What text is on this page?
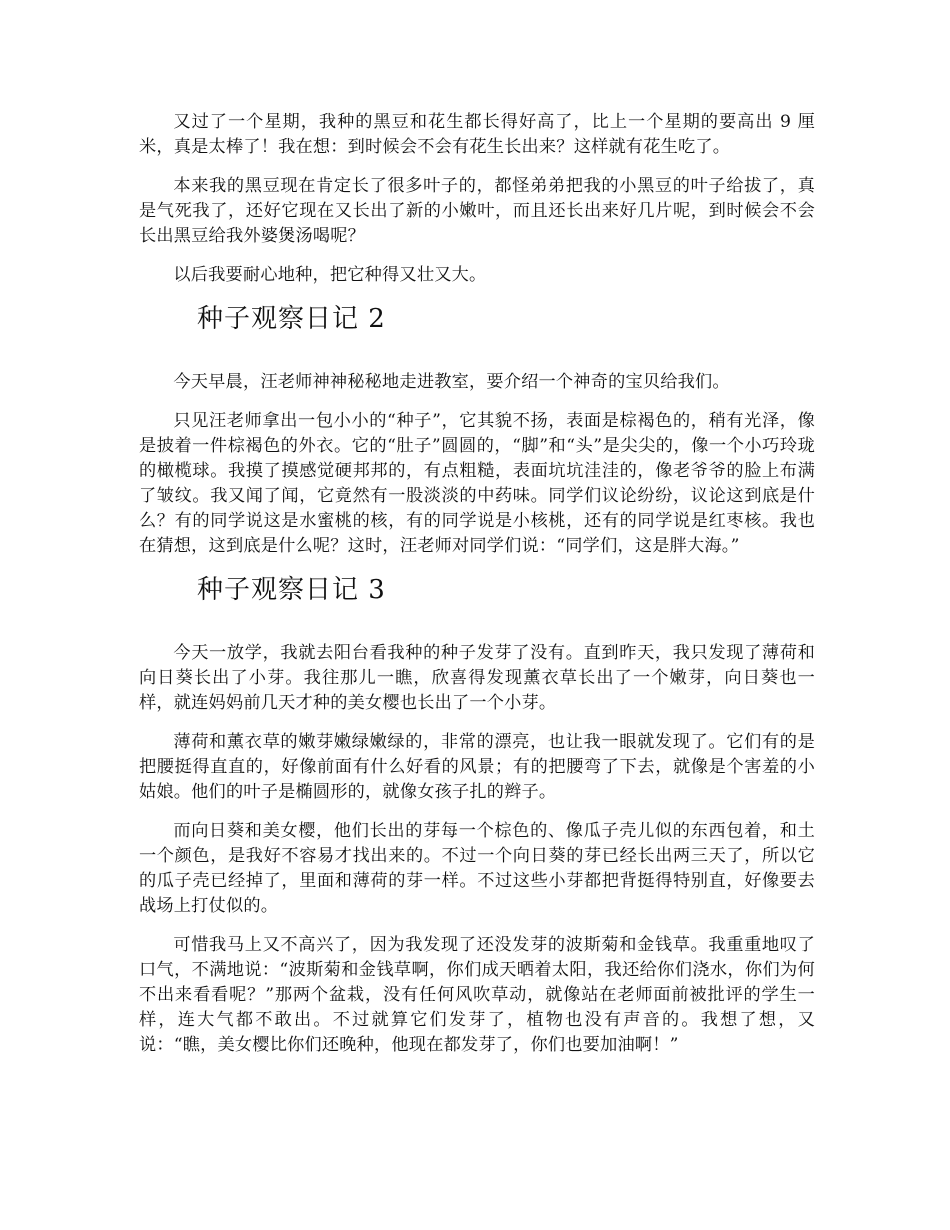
又过了一个星期，我种的黑豆和花生都长得好高了，比上一个星期的要高出 9 厘米，真是太棒了！我在想：到时候会不会有花生长出来？这样就有花生吃了。

本来我的黑豆现在肯定长了很多叶子的，都怪弟弟把我的小黑豆的叶子给拔了，真是气死我了，还好它现在又长出了新的小嫩叶，而且还长出来好几片呢，到时候会不会长出黑豆给我外婆煲汤喝呢？

以后我要耐心地种，把它种得又壮又大。

种子观察日记 2

今天早晨，汪老师神神秘秘地走进教室，要介绍一个神奇的宝贝给我们。

只见汪老师拿出一包小小的“种子”，它其貌不扬，表面是棕褐色的，稍有光泽，像是披着一件棕褐色的外衣。它的“肚子”圆圆的，“脚”和“头”是尖尖的，像一个小巧玲珑的橄榄球。我摸了摸感觉硬邦邦的，有点粗糙，表面坑坑洼洼的，像老爷爷的脸上布满了皱纹。我又闻了闻，它竟然有一股淡淡的中药味。同学们议论纷纷，议论这到底是什么？有的同学说这是水蜜桃的核，有的同学说是小核桃，还有的同学说是红枣核。我也在猜想，这到底是什么呢？这时，汪老师对同学们说：“同学们，这是胖大海。”

种子观察日记 3

今天一放学，我就去阳台看我种的种子发芽了没有。直到昨天，我只发现了薄荷和向日葵长出了小芽。我往那儿一瞧，欣喜得发现薰衣草长出了一个嫩芽，向日葵也一样，就连妈妈前几天才种的美女樱也长出了一个小芽。

薄荷和薰衣草的嫩芽嫩绿嫩绿的，非常的漂亮，也让我一眼就发现了。它们有的是把腰挺得直直的，好像前面有什么好看的风景；有的把腰弯了下去，就像是个害羞的小姑娘。他们的叶子是椭圆形的，就像女孩子扎的辫子。

而向日葵和美女樱，他们长出的芽每一个棕色的、像瓜子壳儿似的东西包着，和土一个颜色，是我好不容易才找出来的。不过一个向日葵的芽已经长出两三天了，所以它的瓜子壳已经掉了，里面和薄荷的芽一样。不过这些小芽都把背挺得特别直，好像要去战场上打仗似的。

可惜我马上又不高兴了，因为我发现了还没发芽的波斯菊和金钱草。我重重地叹了口气，不满地说：“波斯菊和金钱草啊，你们成天晒着太阳，我还给你们浇水，你们为何不出来看看呢？”那两个盆栽，没有任何风吹草动，就像站在老师面前被批评的学生一样，连大气都不敢出。不过就算它们发芽了，植物也没有声音的。我想了想，又说：“瞧，美女樱比你们还晚种，他现在都发芽了，你们也要加油啊！”
